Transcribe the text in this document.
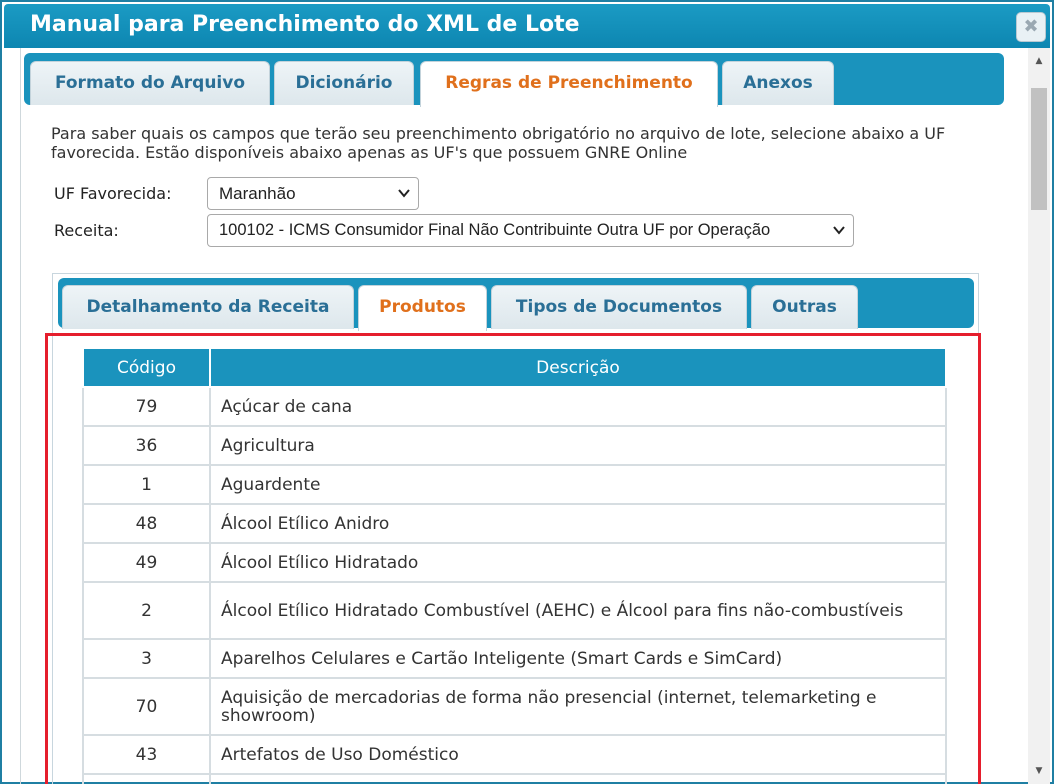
Manual para Preenchimento do XML de Lote	✖
▲
▼
Formato do Arquivo	Dicionário	Regras de Preenchimento	Anexos
Para saber quais os campos que terão seu preenchimento obrigatório no arquivo de lote, selecione abaixo a UF favorecida. Estão disponíveis abaixo apenas as UF's que possuem GNRE Online
UF Favorecida:	Maranhão
Receita:	100102 - ICMS Consumidor Final Não Contribuinte Outra UF por Operação
Detalhamento da Receita	Produtos	Tipos de Documentos	Outras
Código	Descrição
79	Açúcar de cana
36	Agricultura
1	Aguardente
48	Álcool Etílico Anidro
49	Álcool Etílico Hidratado
2	Álcool Etílico Hidratado Combustível (AEHC) e Álcool para fins não-combustíveis
3	Aparelhos Celulares e Cartão Inteligente (Smart Cards e SimCard)
70	Aquisição de mercadorias de forma não presencial (internet, telemarketing e showroom)
43	Artefatos de Uso Doméstico
